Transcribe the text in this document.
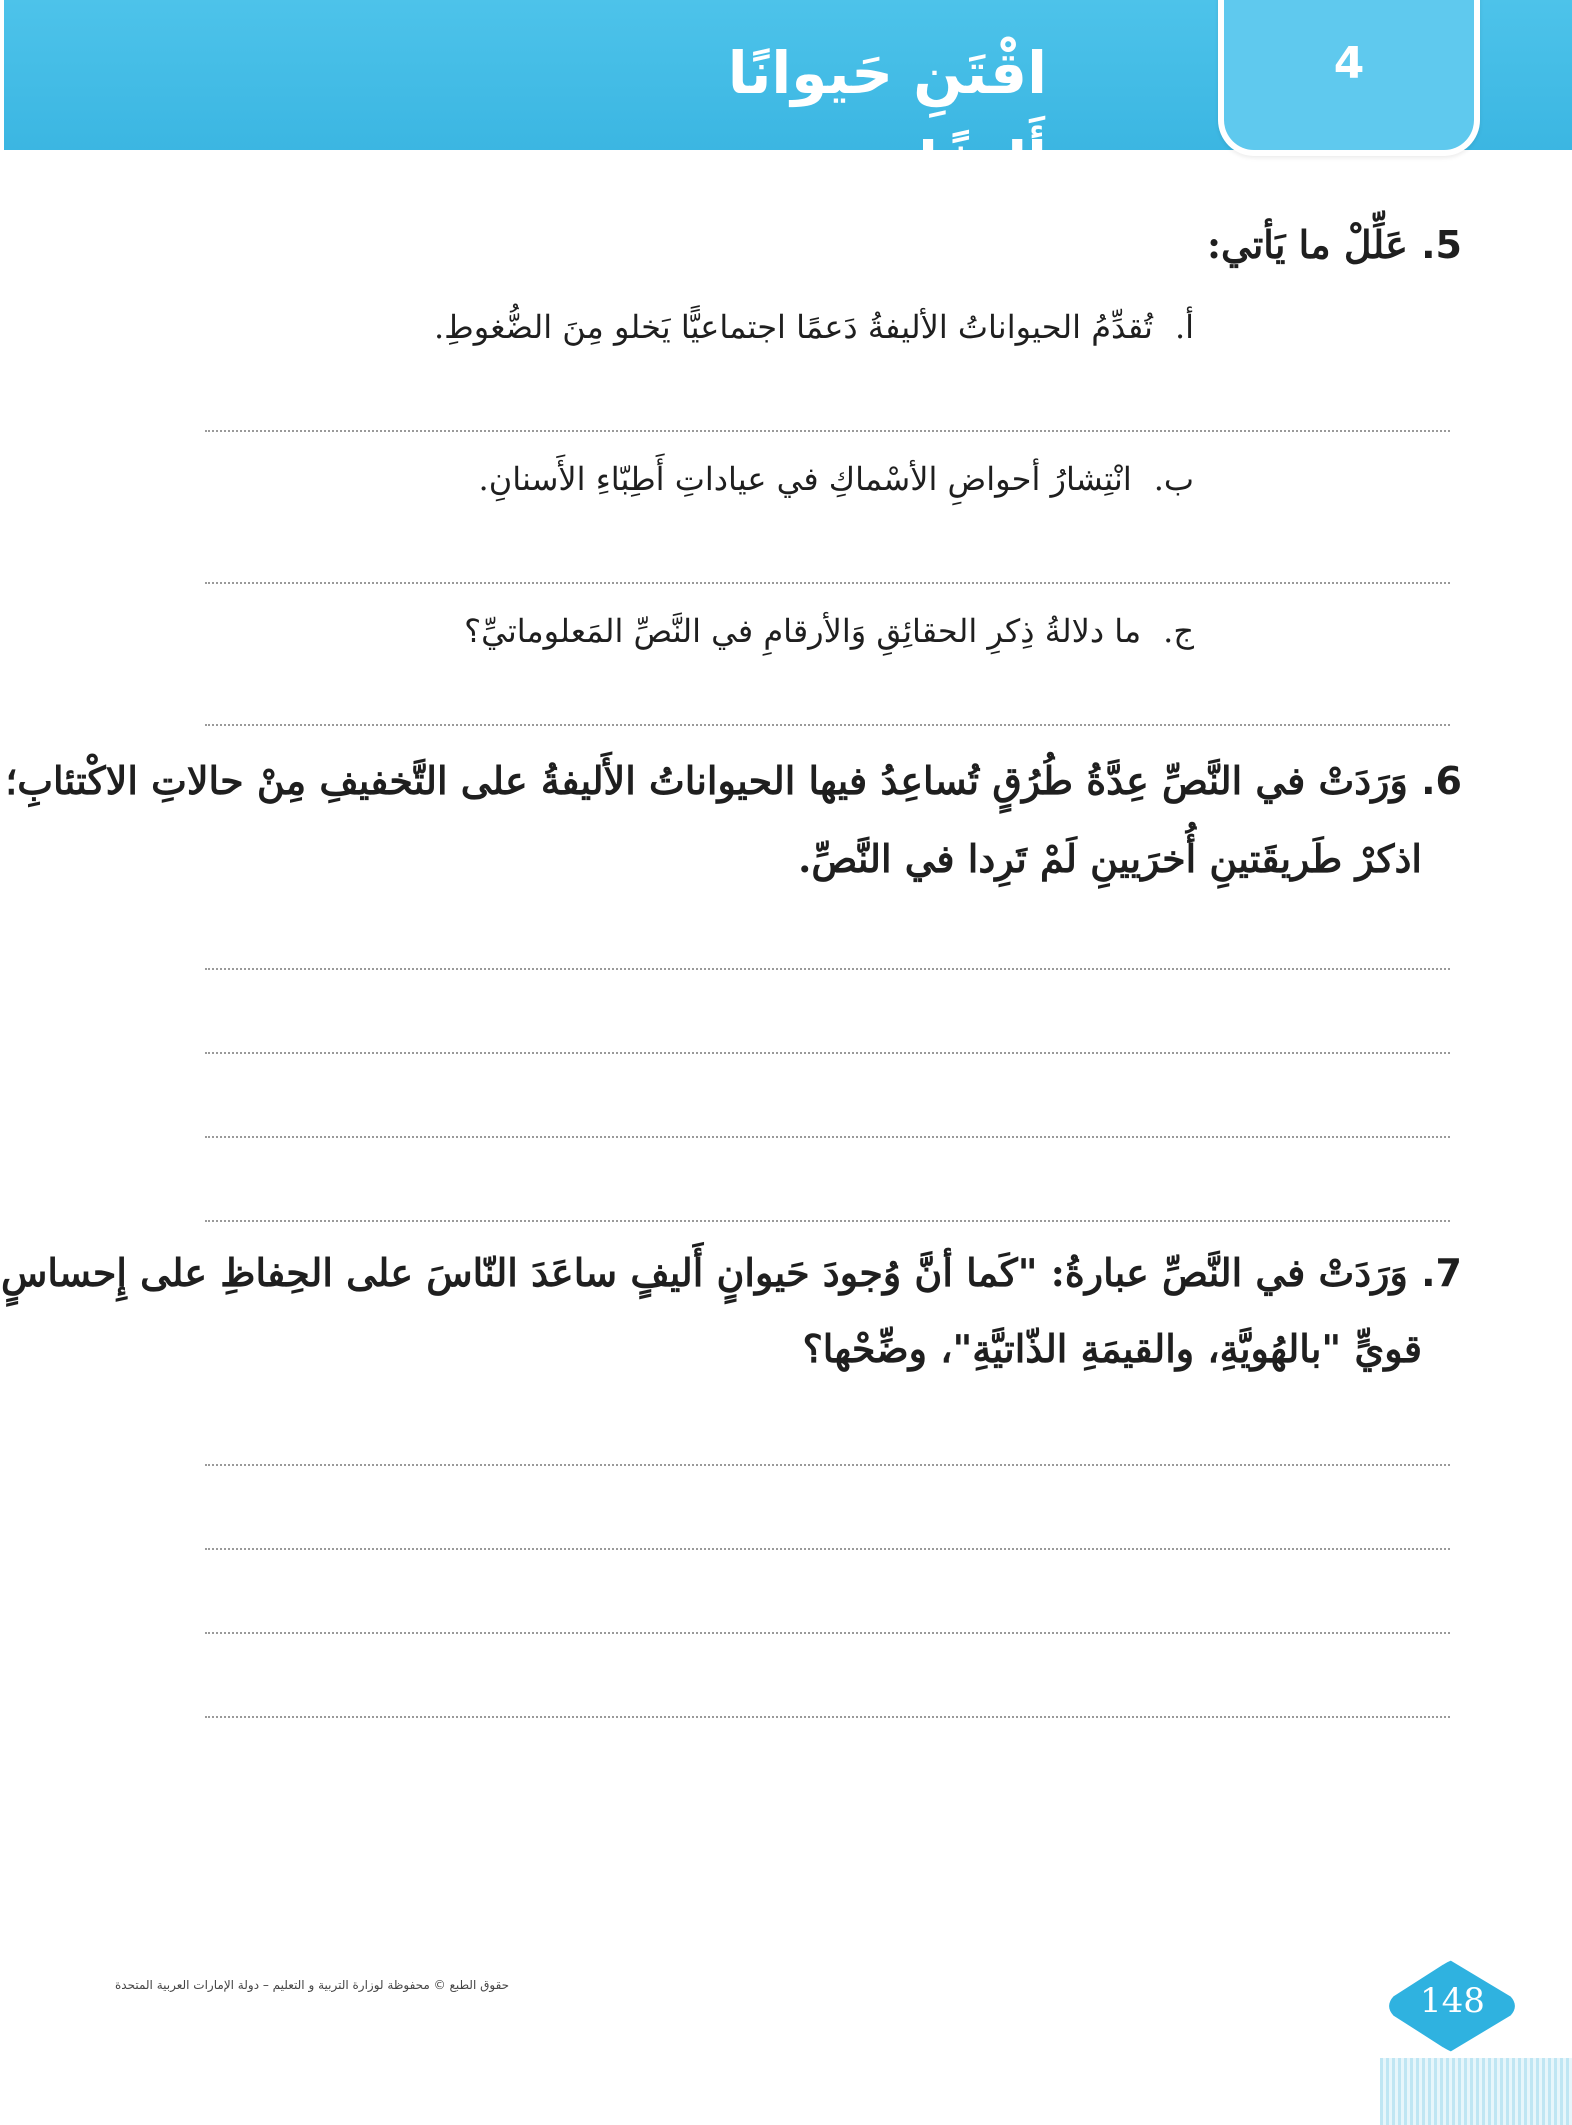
4
اقْتَنِ حَيوانًا أَليفًا
5. عَلِّلْ ما يَأتي:
أ.تُقدِّمُ الحيواناتُ الأليفةُ دَعمًا اجتماعيًّا يَخلو مِنَ الضُّغوطِ.
ب.انْتِشارُ أحواضِ الأسْماكِ في عياداتِ أَطِبّاءِ الأَسنانِ.
ج.ما دلالةُ ذِكرِ الحقائِقِ وَالأرقامِ في النَّصِّ المَعلوماتيِّ؟
6. وَرَدَتْ في النَّصِّ عِدَّةُ طُرُقٍ تُساعِدُ فيها الحيواناتُ الأَليفةُ على التَّخفيفِ مِنْ حالاتِ الاكْتئابِ؛
اذكرْ طَريقَتينِ أُخرَيينِ لَمْ تَرِدا في النَّصِّ.
7. وَرَدَتْ في النَّصِّ عبارةُ: "كَما أنَّ وُجودَ حَيوانٍ أَليفٍ ساعَدَ النّاسَ على الحِفاظِ على إِحساسٍ
قويٍّ "بالهُويَّةِ، والقيمَةِ الذّاتيَّةِ"، وضِّحْها؟
حقوق الطبع © محفوظة لوزارة التربية و التعليم – دولة الإمارات العربية المتحدة	148
